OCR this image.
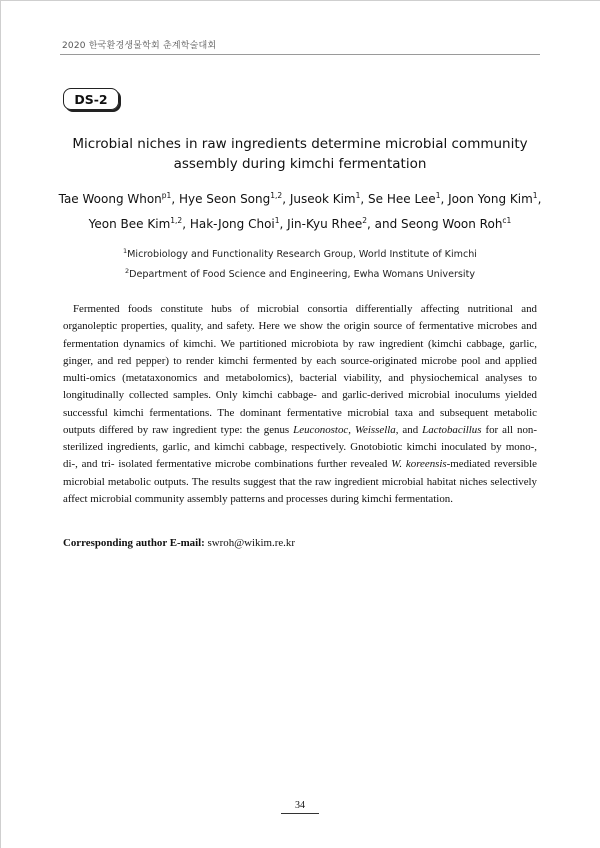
2020 한국환경생물학회 춘계학술대회
DS-2
Microbial niches in raw ingredients determine microbial community
assembly during kimchi fermentation
Tae Woong Whon$^{p1}$, Hye Seon Song$^{1,2}$, Juseok Kim$^1$, Se Hee Lee$^1$, Joon Yong Kim$^1$,
Yeon Bee Kim$^{1,2}$, Hak-Jong Choi$^1$, Jin-Kyu Rhee$^2$, and Seong Woon Roh$^{c1}$
$^1$Microbiology and Functionality Research Group, World Institute of Kimchi
$^2$Department of Food Science and Engineering, Ewha Womans University

Fermented foods constitute hubs of microbial consortia differentially affecting nutritional and organoleptic properties, quality, and safety. Here we show the origin source of fermentative microbes and fermentation dynamics of kimchi. We partitioned microbiota by raw ingredient (kimchi cabbage, garlic, ginger, and red pepper) to render kimchi fermented by each source-originated microbe pool and applied multi-omics (metataxonomics and metabolomics), bacterial viability, and physiochemical analyses to longitudinally collected samples. Only kimchi cabbage- and garlic-derived microbial inoculums yielded successful kimchi fermentations. The dominant fermentative microbial taxa and subsequent metabolic outputs differed by raw ingredient type: the genus Leuconostoc, Weissella, and Lactobacillus for all non-sterilized ingredients, garlic, and kimchi cabbage, respectively. Gnotobiotic kimchi inoculated by mono-, di-, and tri- isolated fermentative microbe combinations further revealed W. koreensis-mediated reversible microbial metabolic outputs. The results suggest that the raw ingredient microbial habitat niches selectively affect microbial community assembly patterns and processes during kimchi fermentation.

Corresponding author E-mail: swroh@wikim.re.kr
34
